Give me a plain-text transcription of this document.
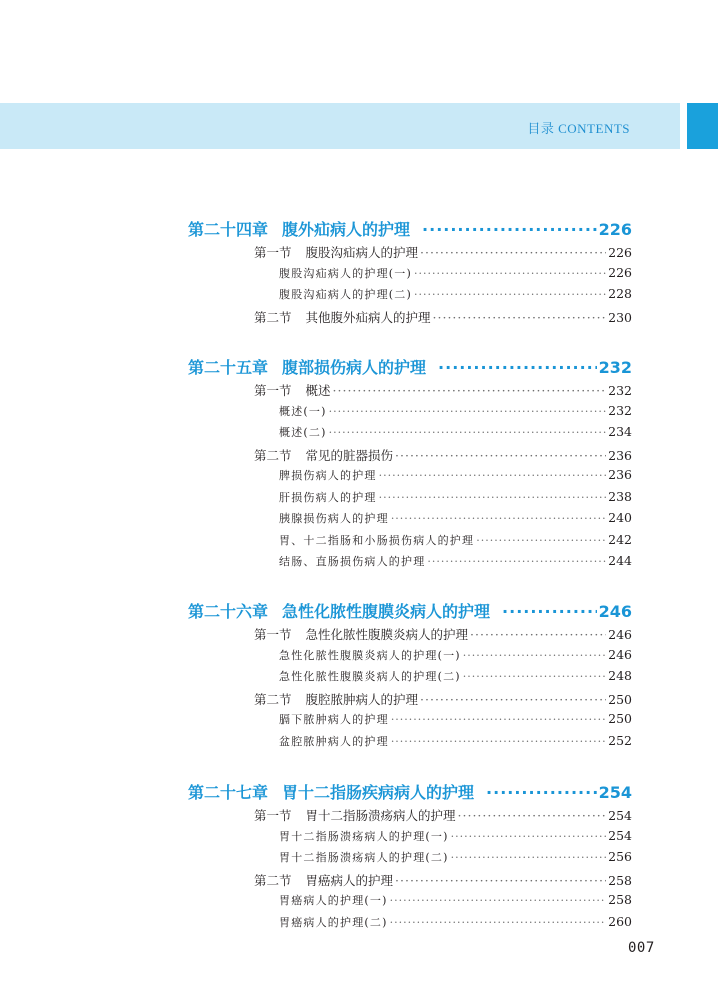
目录 CONTENTS
第二十四章 腹外疝病人的护理 ·····	226
第一节 腹股沟疝病人的护理 ·····	226
腹股沟疝病人的护理(一) ·····	226
腹股沟疝病人的护理(二) ·····	228
第二节 其他腹外疝病人的护理 ·····	230
第二十五章 腹部损伤病人的护理 ·····	232
第一节 概述 ·····	232
概述(一) ·····	232
概述(二) ·····	234
第二节 常见的脏器损伤 ·····	236
脾损伤病人的护理 ·····	236
肝损伤病人的护理 ·····	238
胰腺损伤病人的护理 ·····	240
胃、十二指肠和小肠损伤病人的护理 ·····	242
结肠、直肠损伤病人的护理 ·····	244
第二十六章 急性化脓性腹膜炎病人的护理 ·····	246
第一节 急性化脓性腹膜炎病人的护理 ·····	246
急性化脓性腹膜炎病人的护理(一) ·····	246
急性化脓性腹膜炎病人的护理(二) ·····	248
第二节 腹腔脓肿病人的护理 ·····	250
膈下脓肿病人的护理 ·····	250
盆腔脓肿病人的护理 ·····	252
第二十七章 胃十二指肠疾病病人的护理 ·····	254
第一节 胃十二指肠溃疡病人的护理 ·····	254
胃十二指肠溃疡病人的护理(一) ·····	254
胃十二指肠溃疡病人的护理(二) ·····	256
第二节 胃癌病人的护理 ·····	258
胃癌病人的护理(一) ·····	258
胃癌病人的护理(二) ·····	260
007
